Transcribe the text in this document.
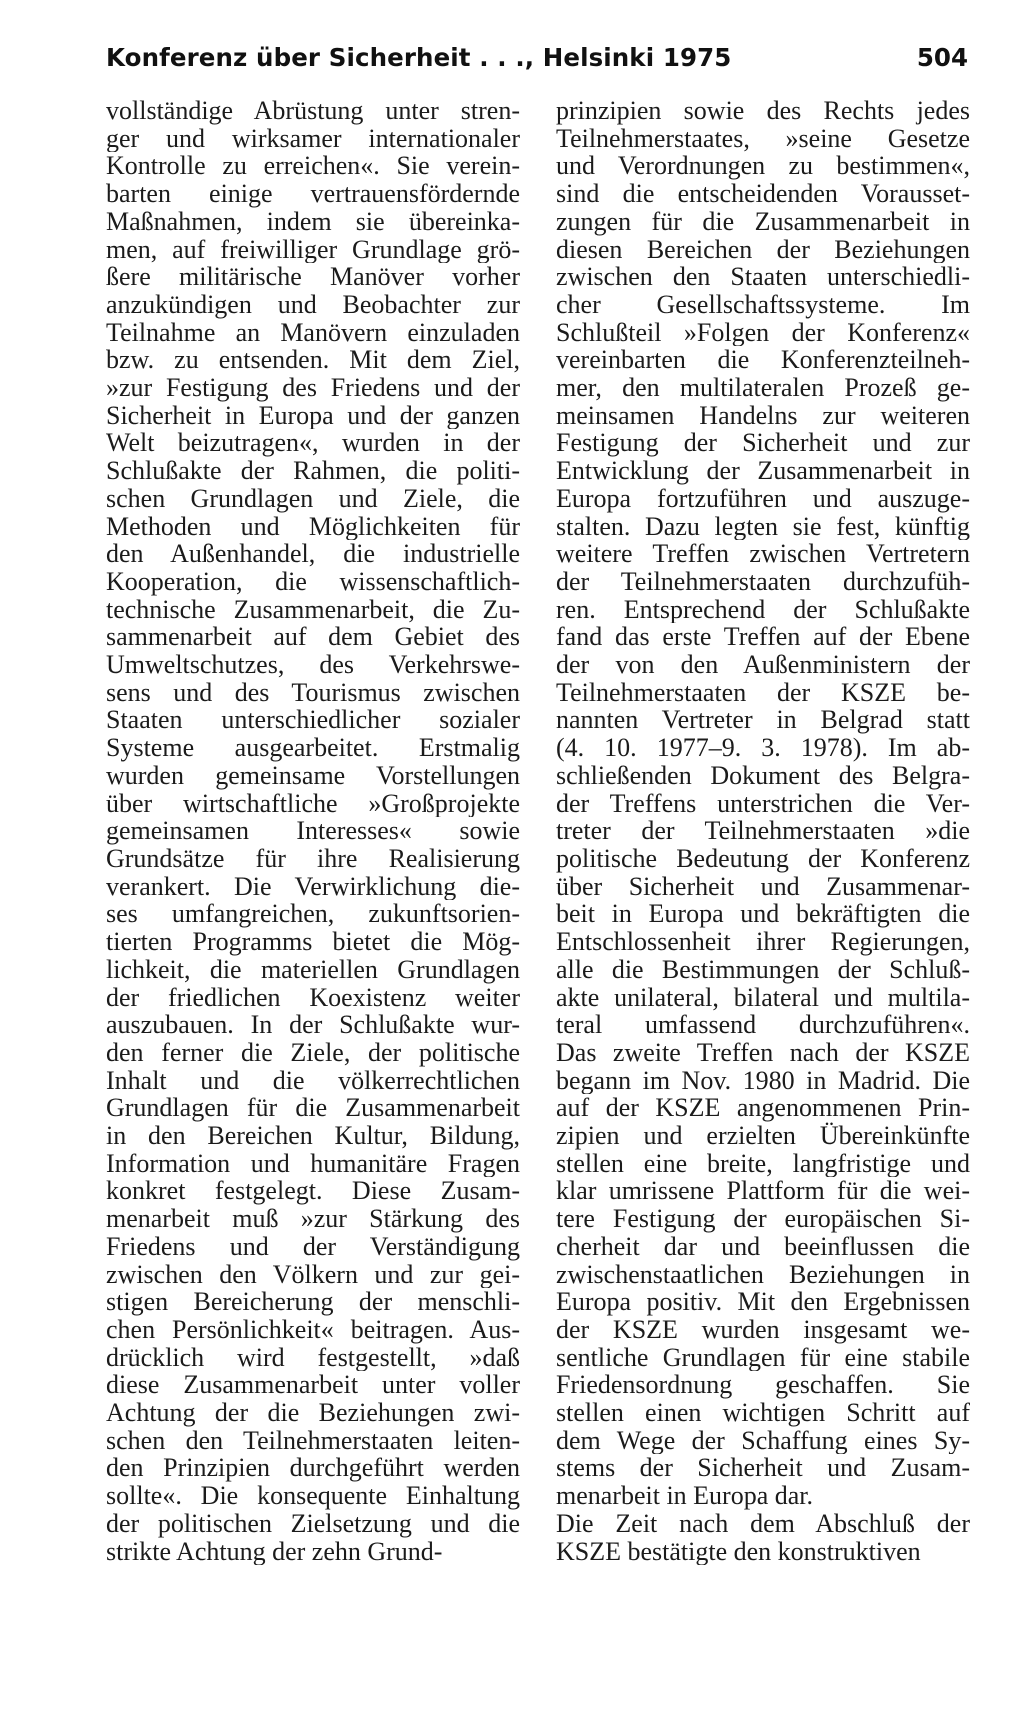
Konferenz über Sicherheit . . ., Helsinki 1975	504

vollständige Abrüstung unter stren-

ger und wirksamer internationaler

Kontrolle zu erreichen«. Sie verein-

barten einige vertrauensfördernde

Maßnahmen, indem sie übereinka-

men, auf freiwilliger Grundlage grö-

ßere militärische Manöver vorher

anzukündigen und Beobachter zur

Teilnahme an Manövern einzuladen

bzw. zu entsenden. Mit dem Ziel,

»zur Festigung des Friedens und der

Sicherheit in Europa und der ganzen

Welt beizutragen«, wurden in der

Schlußakte der Rahmen, die politi-

schen Grundlagen und Ziele, die

Methoden und Möglichkeiten für

den Außenhandel, die industrielle

Kooperation, die wissenschaftlich-

technische Zusammenarbeit, die Zu-

sammenarbeit auf dem Gebiet des

Umweltschutzes, des Verkehrswe-

sens und des Tourismus zwischen

Staaten unterschiedlicher sozialer

Systeme ausgearbeitet. Erstmalig

wurden gemeinsame Vorstellungen

über wirtschaftliche »Großprojekte

gemeinsamen Interesses« sowie

Grundsätze für ihre Realisierung

verankert. Die Verwirklichung die-

ses umfangreichen, zukunftsorien-

tierten Programms bietet die Mög-

lichkeit, die materiellen Grundlagen

der friedlichen Koexistenz weiter

auszubauen. In der Schlußakte wur-

den ferner die Ziele, der politische

Inhalt und die völkerrechtlichen

Grundlagen für die Zusammenarbeit

in den Bereichen Kultur, Bildung,

Information und humanitäre Fragen

konkret festgelegt. Diese Zusam-

menarbeit muß »zur Stärkung des

Friedens und der Verständigung

zwischen den Völkern und zur gei-

stigen Bereicherung der menschli-

chen Persönlichkeit« beitragen. Aus-

drücklich wird festgestellt, »daß

diese Zusammenarbeit unter voller

Achtung der die Beziehungen zwi-

schen den Teilnehmerstaaten leiten-

den Prinzipien durchgeführt werden

sollte«. Die konsequente Einhaltung

der politischen Zielsetzung und die

strikte Achtung der zehn Grund-

prinzipien sowie des Rechts jedes

Teilnehmerstaates, »seine Gesetze

und Verordnungen zu bestimmen«,

sind die entscheidenden Vorausset-

zungen für die Zusammenarbeit in

diesen Bereichen der Beziehungen

zwischen den Staaten unterschiedli-

cher Gesellschaftssysteme. Im

Schlußteil »Folgen der Konferenz«

vereinbarten die Konferenzteilneh-

mer, den multilateralen Prozeß ge-

meinsamen Handelns zur weiteren

Festigung der Sicherheit und zur

Entwicklung der Zusammenarbeit in

Europa fortzuführen und auszuge-

stalten. Dazu legten sie fest, künftig

weitere Treffen zwischen Vertretern

der Teilnehmerstaaten durchzufüh-

ren. Entsprechend der Schlußakte

fand das erste Treffen auf der Ebene

der von den Außenministern der

Teilnehmerstaaten der KSZE be-

nannten Vertreter in Belgrad statt

(4. 10. 1977–9. 3. 1978). Im ab-

schließenden Dokument des Belgra-

der Treffens unterstrichen die Ver-

treter der Teilnehmerstaaten »die

politische Bedeutung der Konferenz

über Sicherheit und Zusammenar-

beit in Europa und bekräftigten die

Entschlossenheit ihrer Regierungen,

alle die Bestimmungen der Schluß-

akte unilateral, bilateral und multila-

teral umfassend durchzuführen«.

Das zweite Treffen nach der KSZE

begann im Nov. 1980 in Madrid. Die

auf der KSZE angenommenen Prin-

zipien und erzielten Übereinkünfte

stellen eine breite, langfristige und

klar umrissene Plattform für die wei-

tere Festigung der europäischen Si-

cherheit dar und beeinflussen die

zwischenstaatlichen Beziehungen in

Europa positiv. Mit den Ergebnissen

der KSZE wurden insgesamt we-

sentliche Grundlagen für eine stabile

Friedensordnung geschaffen. Sie

stellen einen wichtigen Schritt auf

dem Wege der Schaffung eines Sy-

stems der Sicherheit und Zusam-

menarbeit in Europa dar.

Die Zeit nach dem Abschluß der

KSZE bestätigte den konstruktiven
